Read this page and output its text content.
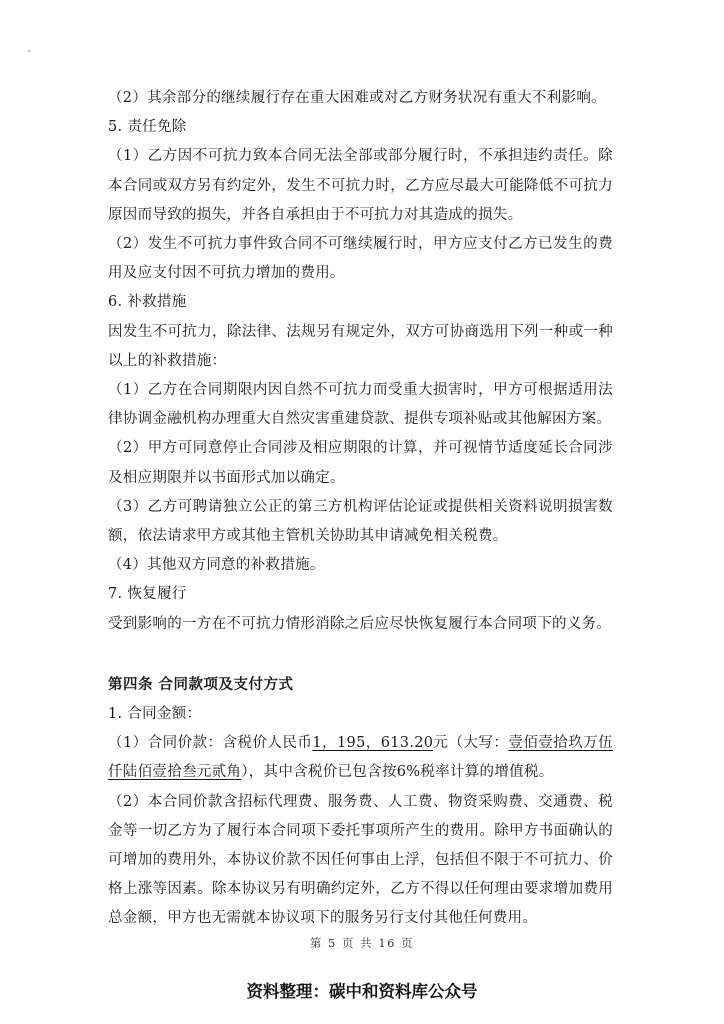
（2）其余部分的继续履行存在重大困难或对乙方财务状况有重大不利影响。

5. 责任免除

（1）乙方因不可抗力致本合同无法全部或部分履行时，不承担违约责任。除本合同或双方另有约定外，发生不可抗力时，乙方应尽最大可能降低不可抗力原因而导致的损失，并各自承担由于不可抗力对其造成的损失。

（2）发生不可抗力事件致合同不可继续履行时，甲方应支付乙方已发生的费用及应支付因不可抗力增加的费用。

6. 补救措施

因发生不可抗力，除法律、法规另有规定外，双方可协商选用下列一种或一种以上的补救措施：

（1）乙方在合同期限内因自然不可抗力而受重大损害时，甲方可根据适用法律协调金融机构办理重大自然灾害重建贷款、提供专项补贴或其他解困方案。

（2）甲方可同意停止合同涉及相应期限的计算，并可视情节适度延长合同涉及相应期限并以书面形式加以确定。

（3）乙方可聘请独立公正的第三方机构评估论证或提供相关资料说明损害数额，依法请求甲方或其他主管机关协助其申请减免相关税费。

（4）其他双方同意的补救措施。

7. 恢复履行

受到影响的一方在不可抗力情形消除之后应尽快恢复履行本合同项下的义务。

第四条 合同款项及支付方式

1. 合同金额：

（1）合同价款：含税价人民币1，195，613.20元（大写：壹佰壹拾玖万伍仟陆佰壹拾叁元贰角），其中含税价已包含按6%税率计算的增值税。

（2）本合同价款含招标代理费、服务费、人工费、物资采购费、交通费、税金等一切乙方为了履行本合同项下委托事项所产生的费用。除甲方书面确认的可增加的费用外，本协议价款不因任何事由上浮，包括但不限于不可抗力、价格上涨等因素。除本协议另有明确约定外，乙方不得以任何理由要求增加费用总金额，甲方也无需就本协议项下的服务另行支付其他任何费用。

第 5 页 共 16 页
资料整理：碳中和资料库公众号
